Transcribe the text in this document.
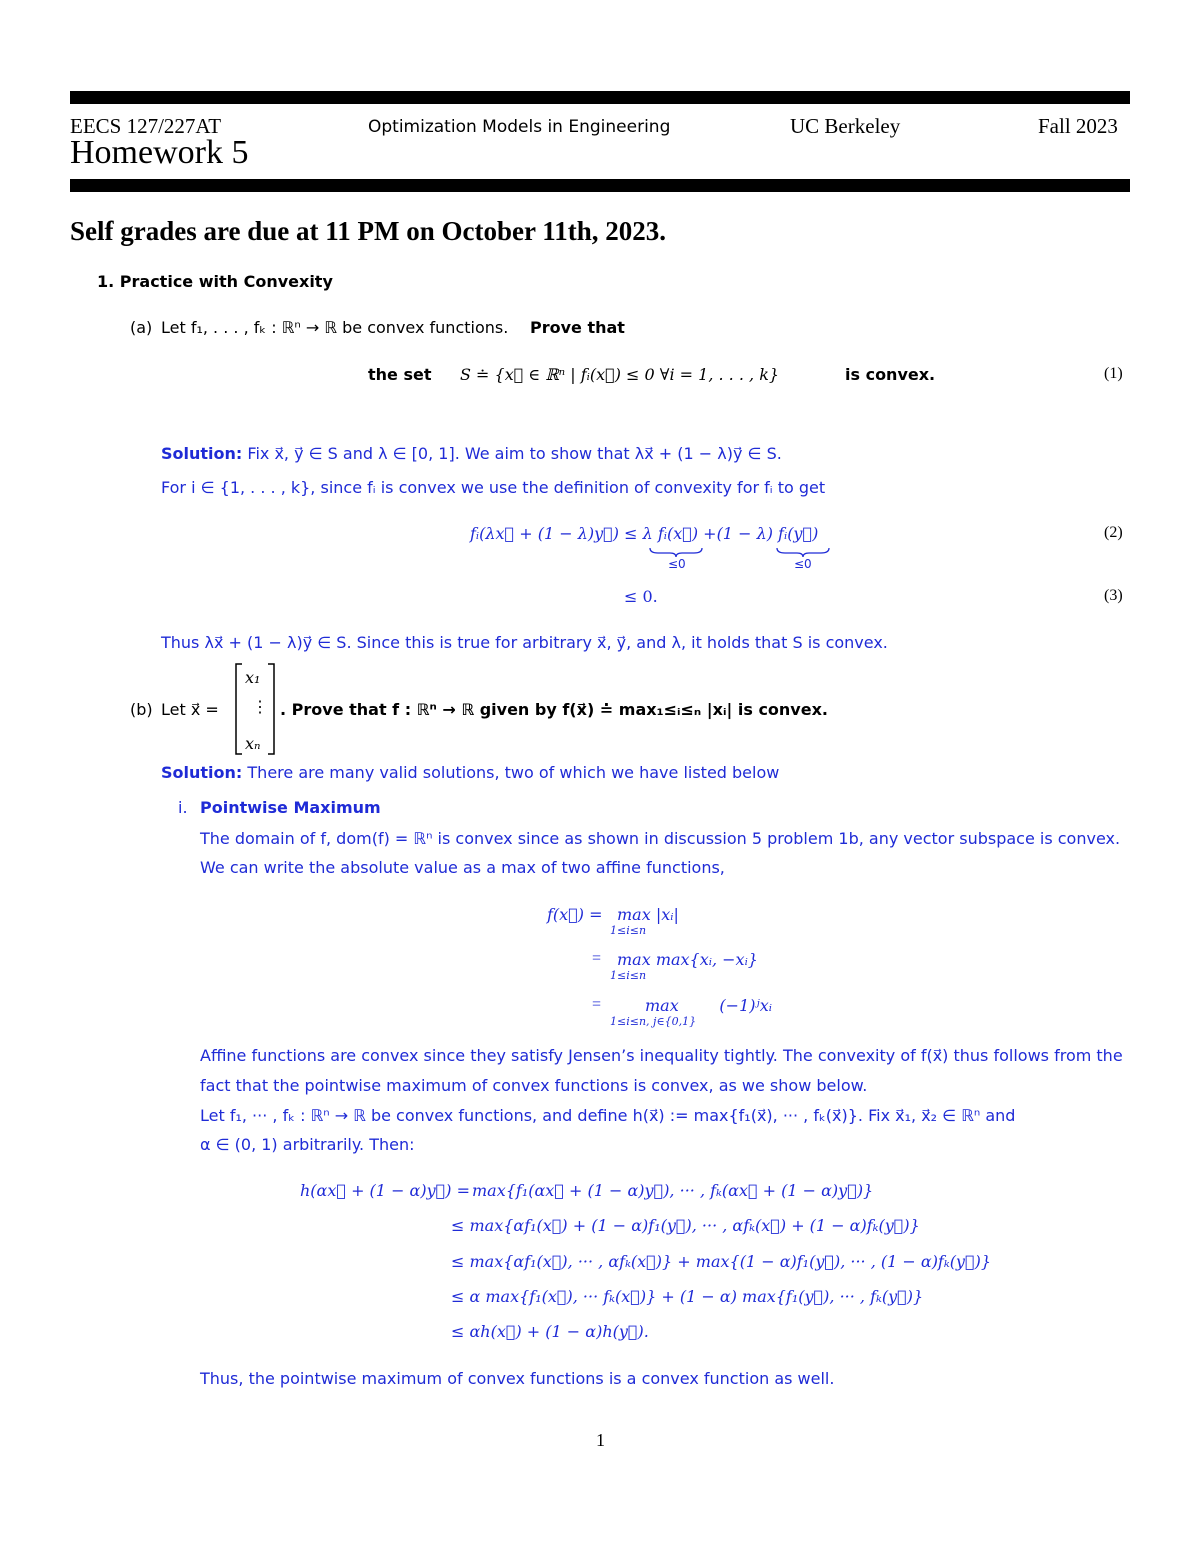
EECS 127/227AT	Optimization Models in Engineering	UC Berkeley	Fall 2023
Homework 5
Self grades are due at 11 PM on October 11th, 2023.
1. Practice with Convexity
(a) Let f₁, . . . , fₖ : ℝⁿ → ℝ be convex functions. Prove that
the set S ≐ {x⃗ ∈ ℝⁿ | fᵢ(x⃗) ≤ 0 ∀i = 1, . . . , k}	is convex.	(1)
Solution: Fix x⃗, y⃗ ∈ S and λ ∈ [0, 1]. We aim to show that λx⃗ + (1 − λ)y⃗ ∈ S.
For i ∈ {1, . . . , k}, since fᵢ is convex we use the definition of convexity for fᵢ to get
fᵢ(λx⃗ + (1 − λ)y⃗) ≤ λ fᵢ(x⃗) +(1 − λ) fᵢ(y⃗)
≤0	≤0
(2)
≤ 0.	(3)
Thus λx⃗ + (1 − λ)y⃗ ∈ S. Since this is true for arbitrary x⃗, y⃗, and λ, it holds that S is convex.
(b) Let x⃗ =
x₁
⋮
xₙ
. Prove that f : ℝⁿ → ℝ given by f(x⃗) ≐ max₁≤ᵢ≤ₙ |xᵢ| is convex.
Solution: There are many valid solutions, two of which we have listed below
i. Pointwise Maximum
The domain of f, dom(f) = ℝⁿ is convex since as shown in discussion 5 problem 1b, any vector subspace is convex.
We can write the absolute value as a max of two affine functions,
f(x⃗) = max |xᵢ|
1≤i≤n
= max max{xᵢ, −xᵢ}
1≤i≤n
=	max        (−1)ʲxᵢ
1≤i≤n, j∈{0,1}
Affine functions are convex since they satisfy Jensen’s inequality tightly. The convexity of f(x⃗) thus follows from the
fact that the pointwise maximum of convex functions is convex, as we show below.
Let f₁, ··· , fₖ : ℝⁿ → ℝ be convex functions, and define h(x⃗) := max{f₁(x⃗), ··· , fₖ(x⃗)}. Fix x⃗₁, x⃗₂ ∈ ℝⁿ and
α ∈ (0, 1) arbitrarily. Then:
h(αx⃗ + (1 − α)y⃗) = max{f₁(αx⃗ + (1 − α)y⃗), ··· , fₖ(αx⃗ + (1 − α)y⃗)}
≤ max{αf₁(x⃗) + (1 − α)f₁(y⃗), ··· , αfₖ(x⃗) + (1 − α)fₖ(y⃗)}
≤ max{αf₁(x⃗), ··· , αfₖ(x⃗)} + max{(1 − α)f₁(y⃗), ··· , (1 − α)fₖ(y⃗)}
≤ α max{f₁(x⃗), ··· fₖ(x⃗)} + (1 − α) max{f₁(y⃗), ··· , fₖ(y⃗)}
≤ αh(x⃗) + (1 − α)h(y⃗).
Thus, the pointwise maximum of convex functions is a convex function as well.
1
